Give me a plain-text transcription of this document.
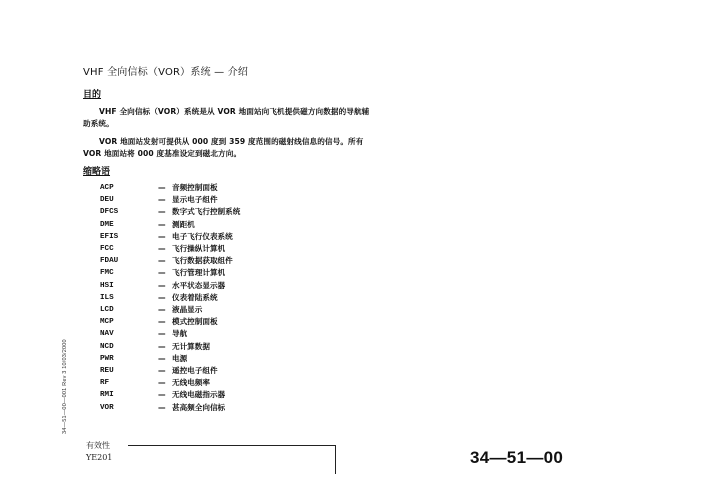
VHF 全向信标（VOR）系统 — 介绍
目的

VHF 全向信标（VOR）系统是从 VOR 地面站向飞机提供磁方向数据的导航辅助系统。

VOR 地面站发射可提供从 000 度到 359 度范围的磁射线信息的信号。所有 VOR 地面站将 000 度基准设定到磁北方向。

缩略语
ACP	— 音频控制面板
DEU	— 显示电子组件
DFCS	— 数字式飞行控制系统
DME	— 测距机
EFIS	— 电子飞行仪表系统
FCC	— 飞行操纵计算机
FDAU	— 飞行数据获取组件
FMC	— 飞行管理计算机
HSI	— 水平状态显示器
ILS	— 仪表着陆系统
LCD	— 液晶显示
MCP	— 模式控制面板
NAV	— 导航
NCD	— 无计算数据
PWR	— 电源
REU	— 遥控电子组件
RF	— 无线电频率
RMI	— 无线电磁指示器
VOR	— 甚高频全向信标
34—51—00—001 Rev 3 10/03/2000
有效性
YE201	34—51—00
